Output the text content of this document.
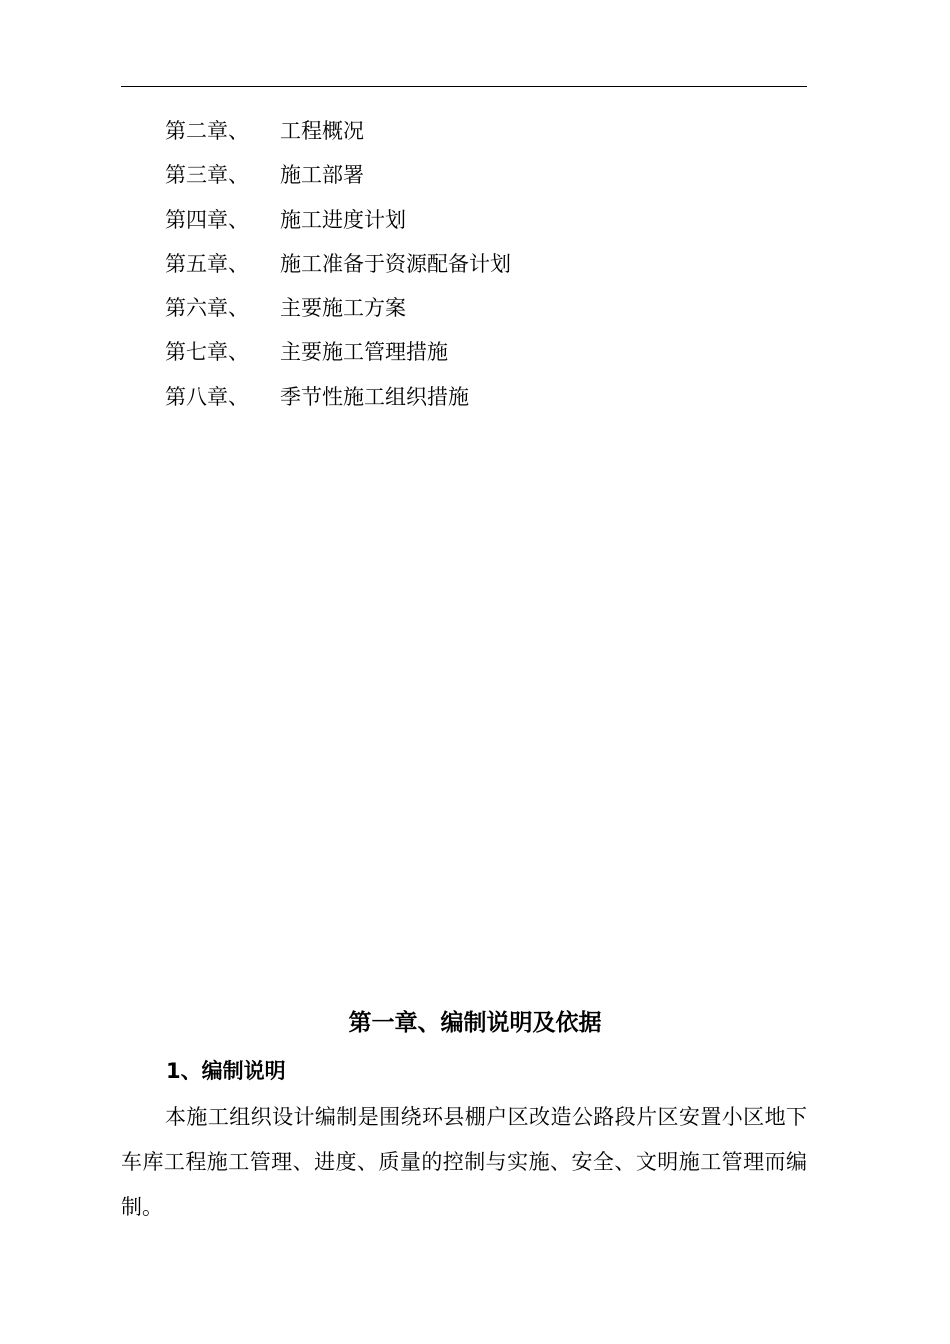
第二章、 工程概况
第三章、 施工部署
第四章、 施工进度计划
第五章、 施工准备于资源配备计划
第六章、 主要施工方案
第七章、 主要施工管理措施
第八章、 季节性施工组织措施
第一章、编制说明及依据
1、编制说明

本施工组织设计编制是围绕环县棚户区改造公路段片区安置小区地下车库工程施工管理、进度、质量的控制与实施、安全、文明施工管理而编制。
